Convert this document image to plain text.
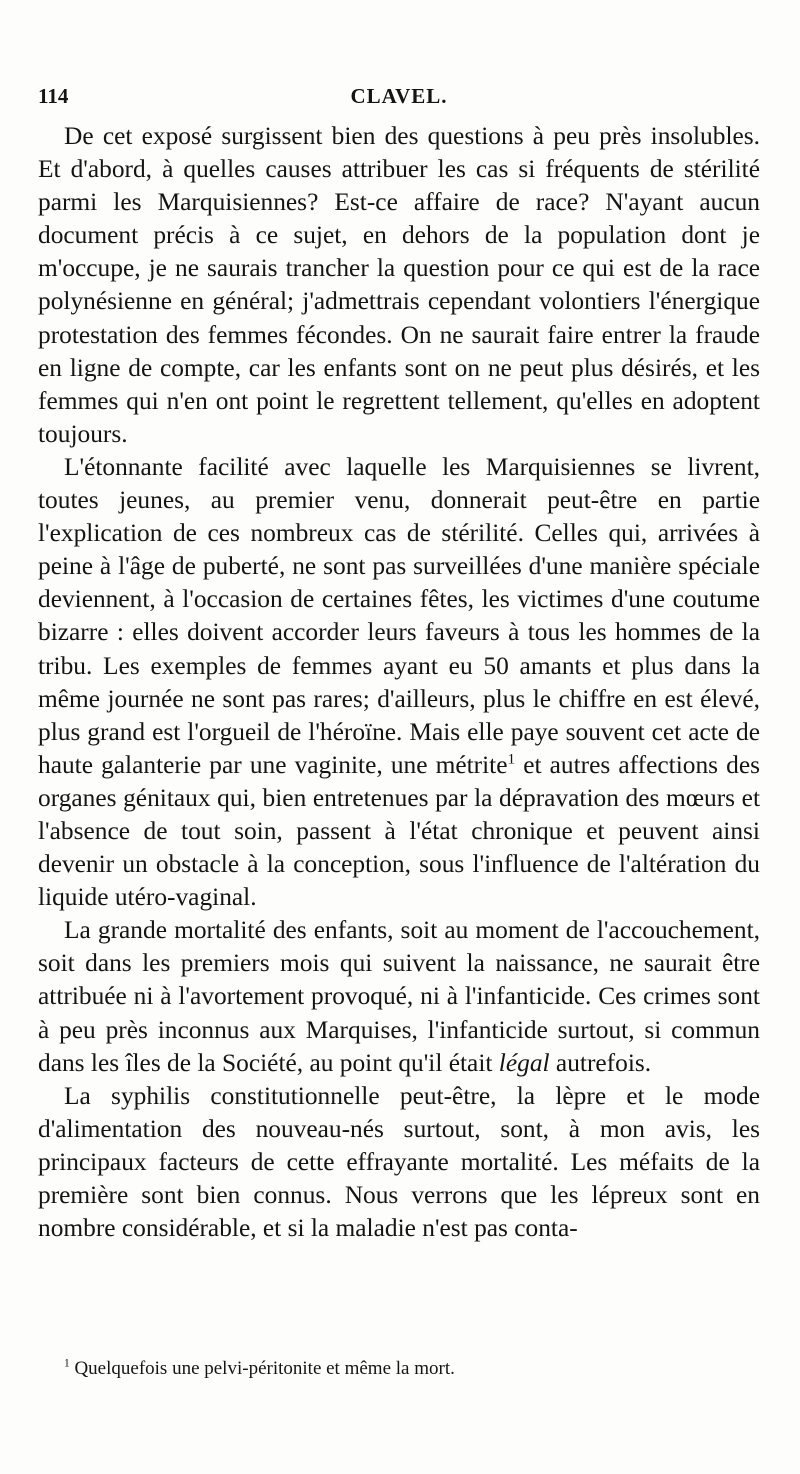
114	CLAVEL.

De cet exposé surgissent bien des questions à peu près insolubles. Et d'abord, à quelles causes attribuer les cas si fréquents de stérilité parmi les Marquisiennes? Est-ce affaire de race? N'ayant aucun document précis à ce sujet, en dehors de la population dont je m'occupe, je ne saurais trancher la question pour ce qui est de la race polynésienne en général; j'admettrais cependant volontiers l'énergique protestation des femmes fécondes. On ne saurait faire entrer la fraude en ligne de compte, car les enfants sont on ne peut plus désirés, et les femmes qui n'en ont point le regrettent tellement, qu'elles en adoptent toujours.

L'étonnante facilité avec laquelle les Marquisiennes se livrent, toutes jeunes, au premier venu, donnerait peut-être en partie l'explication de ces nombreux cas de stérilité. Celles qui, arrivées à peine à l'âge de puberté, ne sont pas surveillées d'une manière spéciale deviennent, à l'occasion de certaines fêtes, les victimes d'une coutume bizarre : elles doivent accorder leurs faveurs à tous les hommes de la tribu. Les exemples de femmes ayant eu 50 amants et plus dans la même journée ne sont pas rares; d'ailleurs, plus le chiffre en est élevé, plus grand est l'orgueil de l'héroïne. Mais elle paye souvent cet acte de haute galanterie par une vaginite, une métrite$^1$ et autres affections des organes génitaux qui, bien entretenues par la dépravation des mœurs et l'absence de tout soin, passent à l'état chronique et peuvent ainsi devenir un obstacle à la conception, sous l'influence de l'altération du liquide utéro-vaginal.

La grande mortalité des enfants, soit au moment de l'accouchement, soit dans les premiers mois qui suivent la naissance, ne saurait être attribuée ni à l'avortement provoqué, ni à l'infanticide. Ces crimes sont à peu près inconnus aux Marquises, l'infanticide surtout, si commun dans les îles de la Société, au point qu'il était légal autrefois.

La syphilis constitutionnelle peut-être, la lèpre et le mode d'alimentation des nouveau-nés surtout, sont, à mon avis, les principaux facteurs de cette effrayante mortalité. Les méfaits de la première sont bien connus. Nous verrons que les lépreux sont en nombre considérable, et si la maladie n'est pas conta-

$^1$ Quelquefois une pelvi-péritonite et même la mort.
